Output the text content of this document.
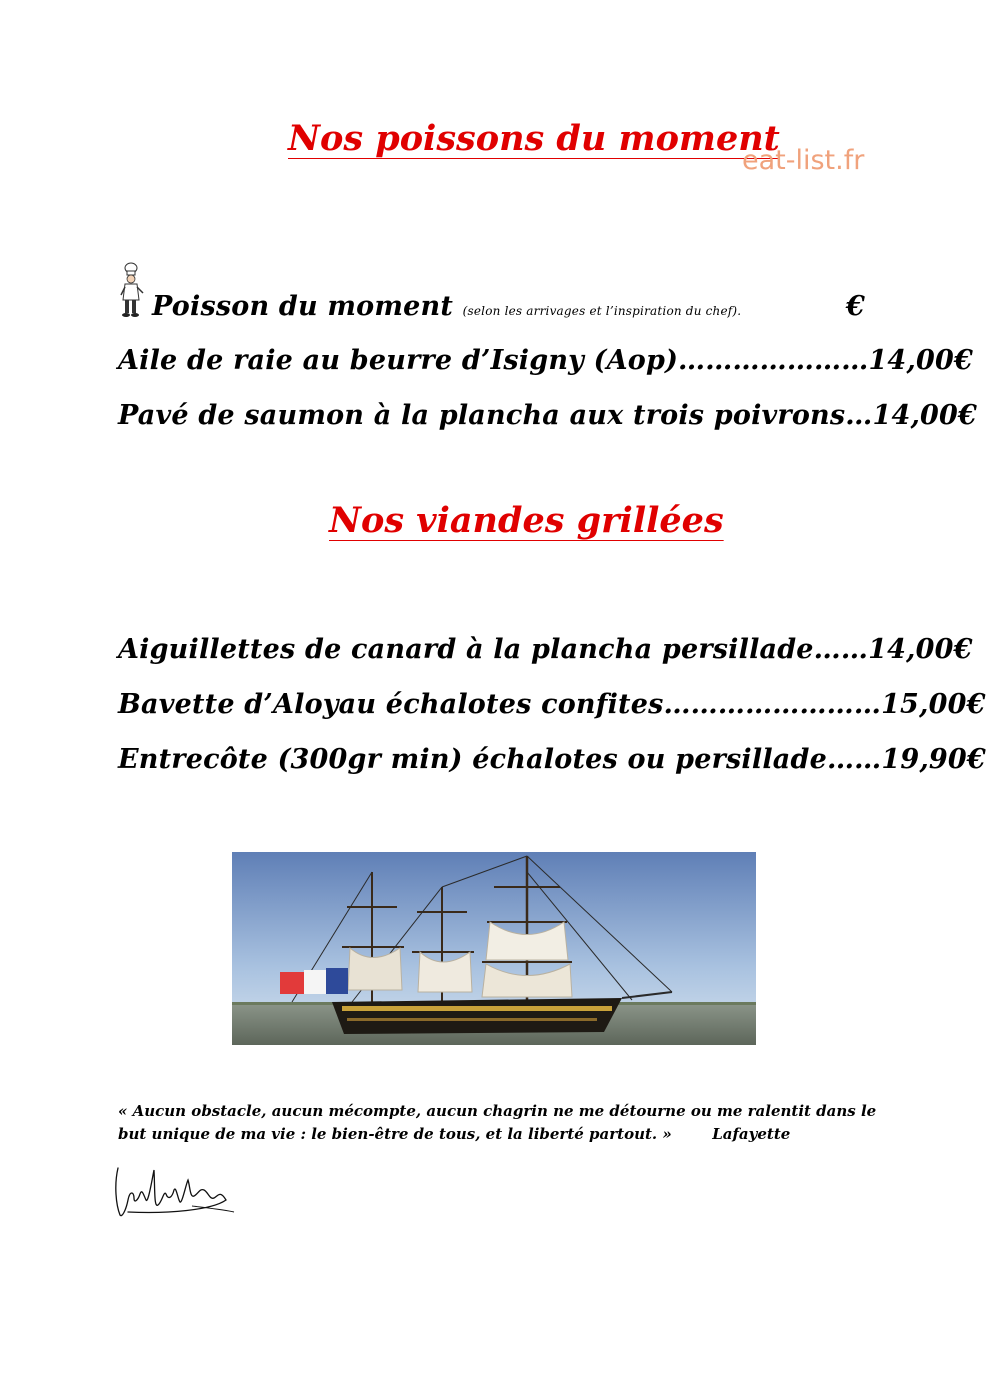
Nos poissons du moment
eat-list.fr
Poisson du moment (selon les arrivages et l’inspiration du chef).	€
Aile de raie au beurre d’Isigny (Aop)…………………14,00€
Pavé de saumon à la plancha aux trois poivrons…14,00€
Nos viandes grillées
Aiguillettes de canard à la plancha persillade……14,00€
Bavette d’Aloyau échalotes confites……………………15,00€
Entrecôte (300gr min) échalotes ou persillade……19,90€
« Aucun obstacle, aucun mécompte, aucun chagrin ne me détourne ou me ralentit dans le but unique de ma vie : le bien-être de tous, et la liberté partout. »	Lafayette
